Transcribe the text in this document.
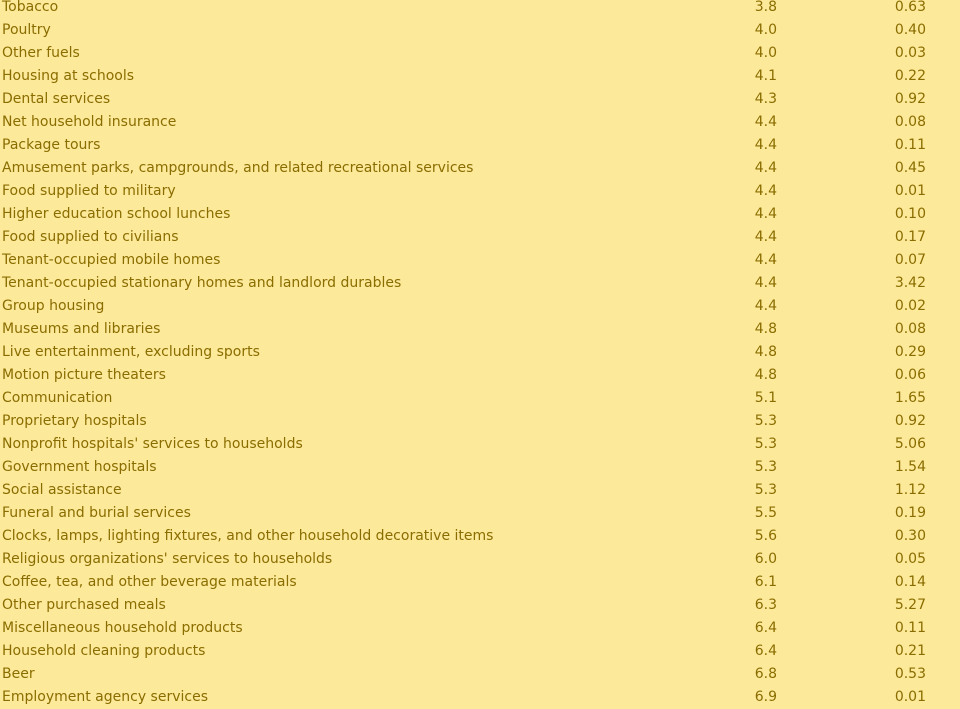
Tobacco	3.8	0.63
Poultry	4.0	0.40
Other fuels	4.0	0.03
Housing at schools	4.1	0.22
Dental services	4.3	0.92
Net household insurance	4.4	0.08
Package tours	4.4	0.11
Amusement parks, campgrounds, and related recreational services	4.4	0.45
Food supplied to military	4.4	0.01
Higher education school lunches	4.4	0.10
Food supplied to civilians	4.4	0.17
Tenant-occupied mobile homes	4.4	0.07
Tenant-occupied stationary homes and landlord durables	4.4	3.42
Group housing	4.4	0.02
Museums and libraries	4.8	0.08
Live entertainment, excluding sports	4.8	0.29
Motion picture theaters	4.8	0.06
Communication	5.1	1.65
Proprietary hospitals	5.3	0.92
Nonprofit hospitals' services to households	5.3	5.06
Government hospitals	5.3	1.54
Social assistance	5.3	1.12
Funeral and burial services	5.5	0.19
Clocks, lamps, lighting fixtures, and other household decorative items	5.6	0.30
Religious organizations' services to households	6.0	0.05
Coffee, tea, and other beverage materials	6.1	0.14
Other purchased meals	6.3	5.27
Miscellaneous household products	6.4	0.11
Household cleaning products	6.4	0.21
Beer	6.8	0.53
Employment agency services	6.9	0.01
